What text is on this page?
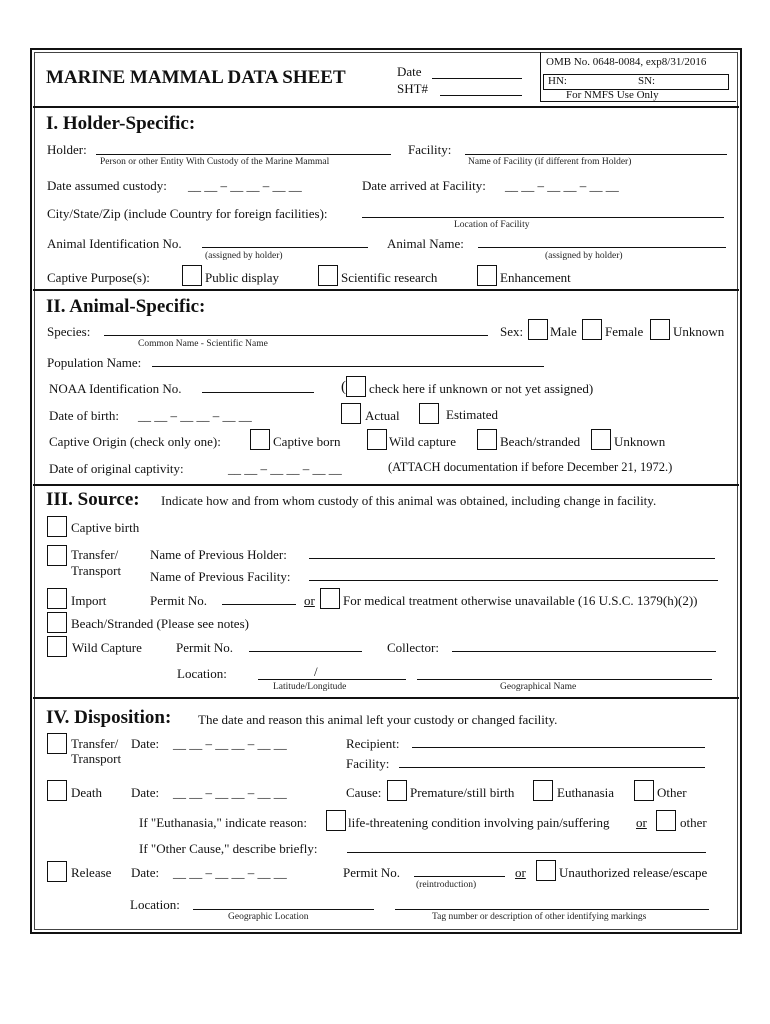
MARINE MAMMAL DATA SHEET	Date
SHT#
OMB No. 0648-0084, exp8/31/2016
HN:	SN:
For NMFS Use Only
I. Holder-Specific:
Holder:
Person or other Entity With Custody of the Marine Mammal
Facility:
Name of Facility (if different from Holder)
Date assumed custody: __ __ – __ __ – __ __	Date arrived at Facility: __ __ – __ __ – __ __
City/State/Zip (include Country for foreign facilities):
Location of Facility
Animal Identification No.
(assigned by holder)
Animal Name:
(assigned by holder)
Captive Purpose(s):	Public display	Scientific research	Enhancement
II. Animal-Specific:
Species:
Common Name - Scientific Name
Sex: Male Female Unknown
Population Name:
NOAA Identification No.	( check here if unknown or not yet assigned)
Date of birth: __ __ – __ __ – __ __	Actual	Estimated
Captive Origin (check only one):	Captive born	Wild capture	Beach/stranded	Unknown
Date of original captivity:	__ __ – __ __ – __ __	(ATTACH documentation if before December 21, 1972.)
III. Source: Indicate how and from whom custody of this animal was obtained, including change in facility.
Captive birth
Transfer/
Transport
Name of Previous Holder:
Name of Previous Facility:
Import	Permit No.	or For medical treatment otherwise unavailable (16 U.S.C. 1379(h)(2))
Beach/Stranded (Please see notes)
Wild Capture	Permit No.	Collector:
Location:	/
Latitude/Longitude	Geographical Name
IV. Disposition: The date and reason this animal left your custody or changed facility.
Transfer/
Transport
Date: __ __ – __ __ – __ __	Recipient:
Facility:
Death Date: __ __ – __ __ – __ __	Cause: Premature/still birth	Euthanasia	Other
If "Euthanasia," indicate reason:	life-threatening condition involving pain/suffering or	other
If "Other Cause," describe briefly:
Release Date: __ __ – __ __ – __ __	Permit No.
(reintroduction)
or	Unauthorized release/escape
Location:
Geographic Location	Tag number or description of other identifying markings
